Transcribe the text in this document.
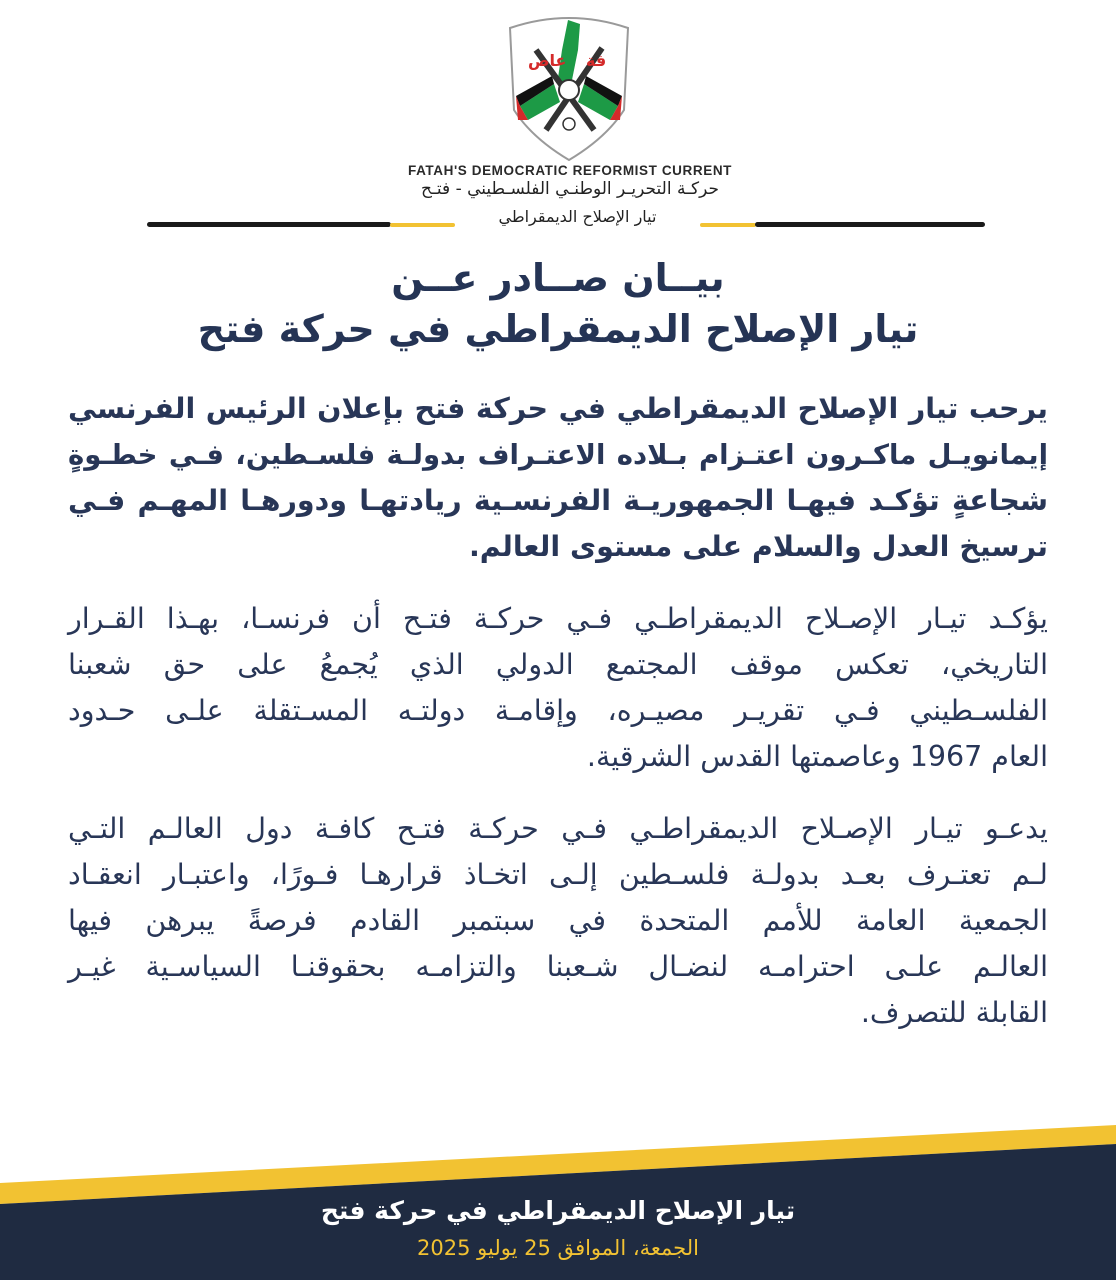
عاص فة
FATAH'S DEMOCRATIC REFORMIST CURRENT
حركـة التحريـر الوطنـي الفلسـطيني - فتـح
تيار الإصلاح الديمقراطي
بيــان صــادر عــن
تيار الإصلاح الديمقراطي في حركة فتح
يرحب تيار الإصلاح الديمقراطي في حركة فتح بإعلان الرئيس الفرنسي
إيمانويـل ماكـرون اعتـزام بـلاده الاعتـراف بدولـة فلسـطين، فـي خطـوةٍ
شجاعةٍ تؤكـد فيهـا الجمهوريـة الفرنسـية ريادتهـا ودورهـا المهـم فـي
ترسيخ العدل والسلام على مستوى العالم.
يؤكـد تيـار الإصـلاح الديمقراطـي فـي حركـة فتـح أن فرنسـا، بهـذا القـرار
التاريخي، تعكس موقف المجتمع الدولي الذي يُجمعُ على حق شعبنا
الفلسـطيني فـي تقريـر مصيـره، وإقامـة دولتـه المسـتقلة علـى حـدود
العام 1967 وعاصمتها القدس الشرقية.
يدعـو تيـار الإصـلاح الديمقراطـي فـي حركـة فتـح كافـة دول العالـم التـي
لـم تعتـرف بعـد بدولـة فلسـطين إلـى اتخـاذ قرارهـا فـورًا، واعتبـار انعقـاد
الجمعية العامة للأمم المتحدة في سبتمبر القادم فرصةً يبرهن فيها
العالـم علـى احترامـه لنضـال شـعبنا والتزامـه بحقوقنـا السياسـية غيـر
القابلة للتصرف.
تيار الإصلاح الديمقراطي في حركة فتح
الجمعة، الموافق 25 يوليو 2025
